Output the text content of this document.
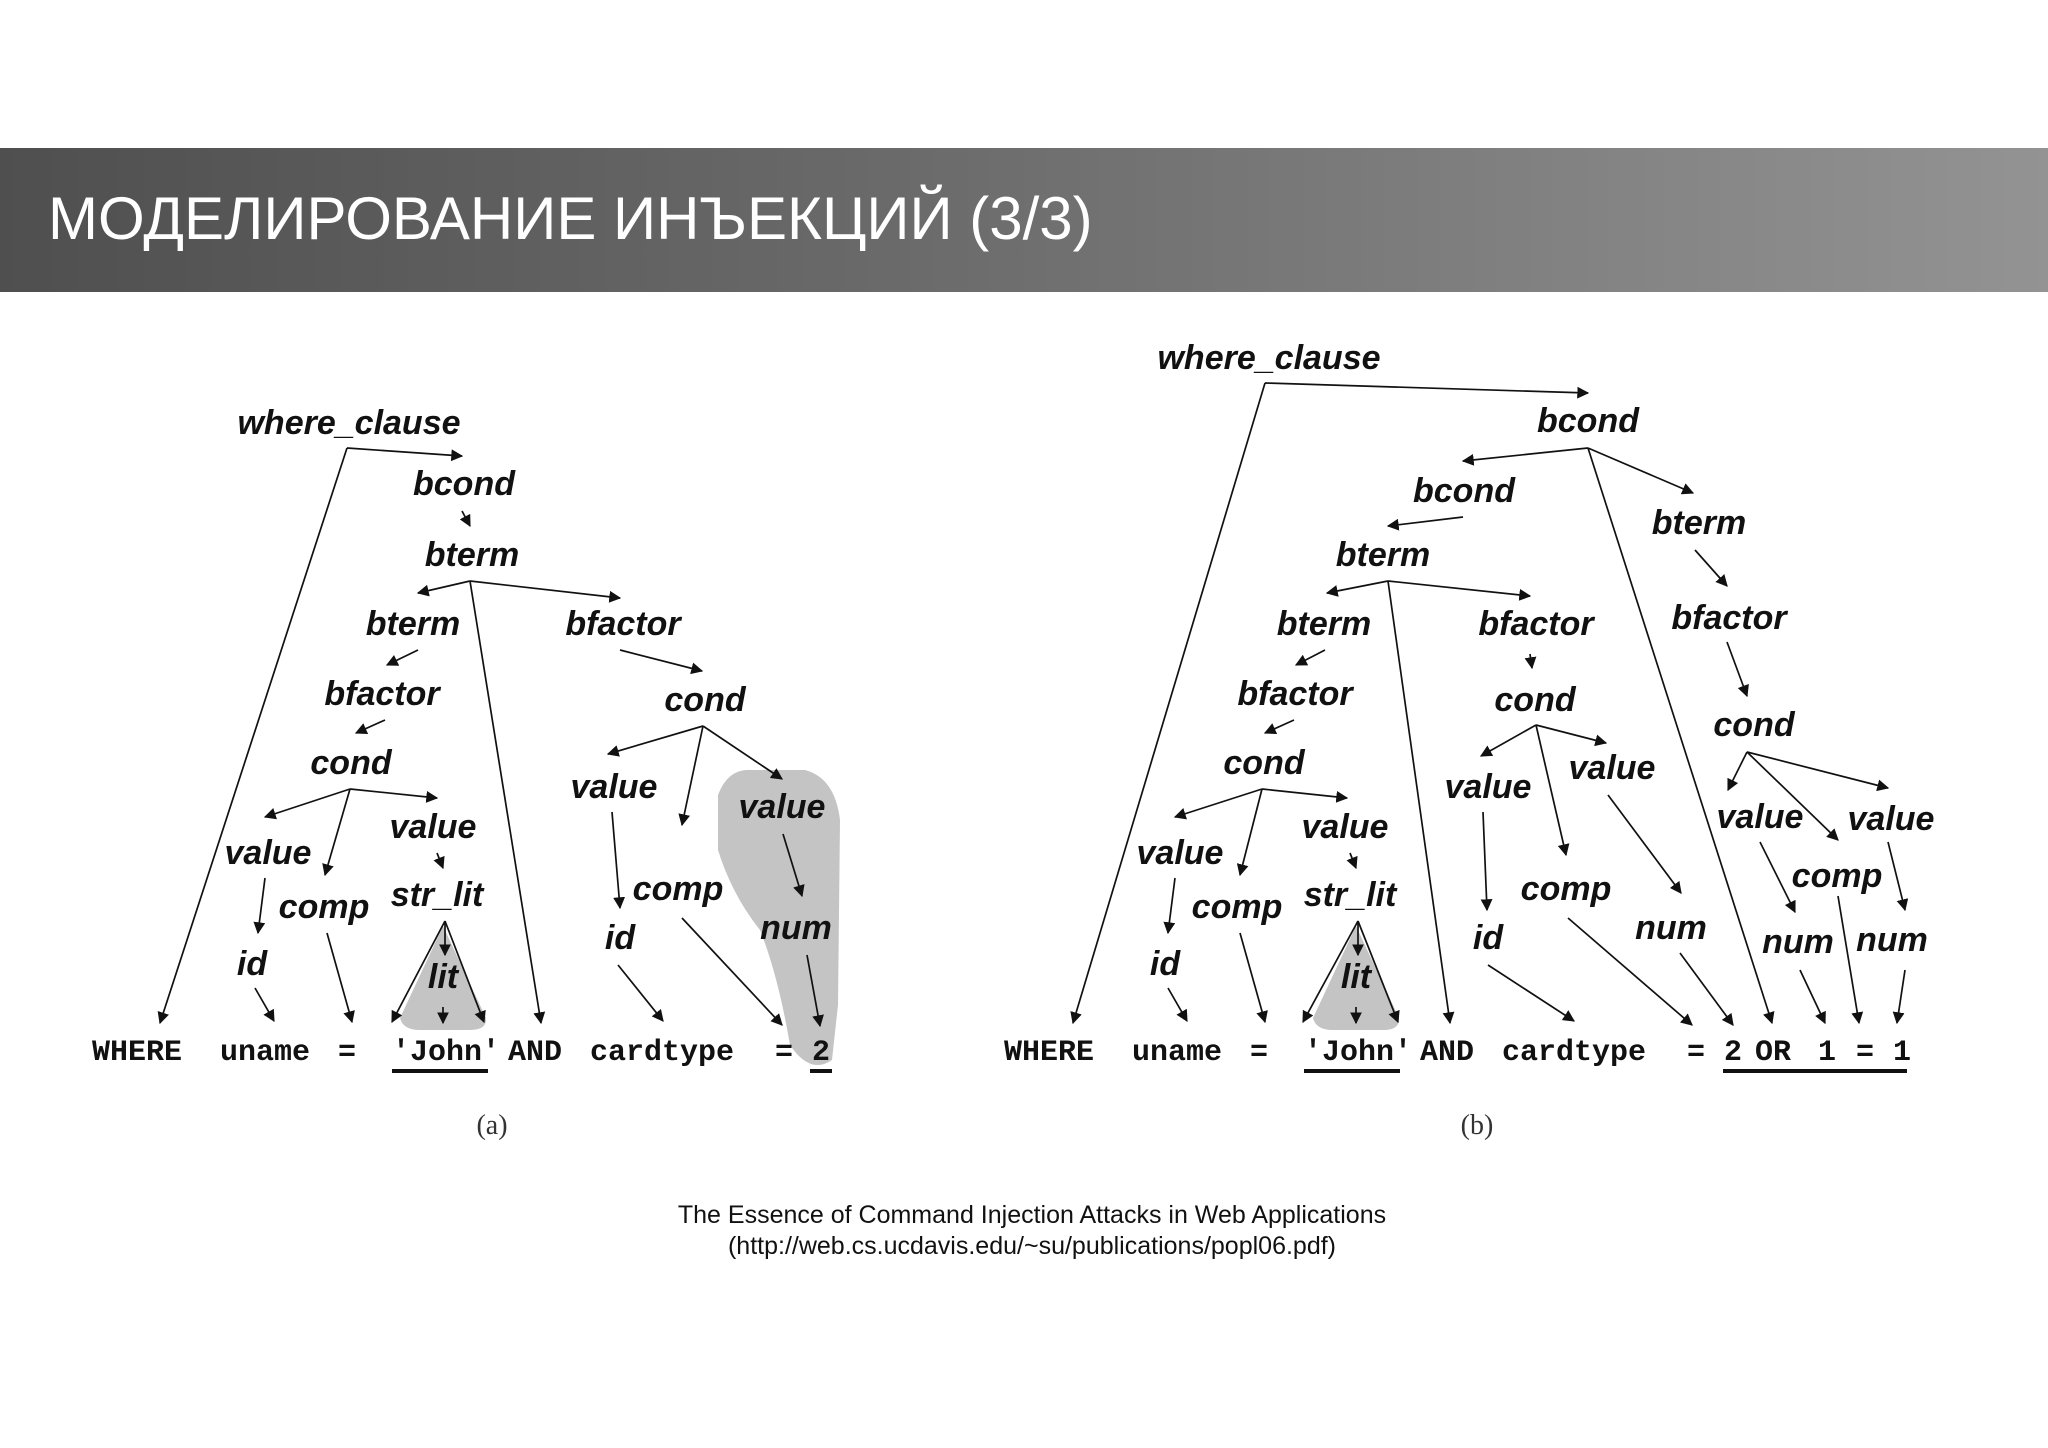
МОДЕЛИРОВАНИЕ ИНЪЕКЦИЙ (3/3)
where_clause
bcond
bterm
bterm	bfactor
bfactor	cond
cond
value
value
value
value
comp
str_lit
comp
num
id
lit
id
WHERE uname = 'John' AND cardtype = 2
(a)
where_clause
bcond
bcond
bterm
bterm
bterm	bfactor bfactor
bfactor	cond
cond
cond	value
value
value value
value
value
comp
comp
str_lit
comp
num num num
id
lit
id
WHERE uname = 'John' AND cardtype = 2 OR 1 = 1
(b)
The Essence of Command Injection Attacks in Web Applications
(http://web.cs.ucdavis.edu/~su/publications/popl06.pdf)
